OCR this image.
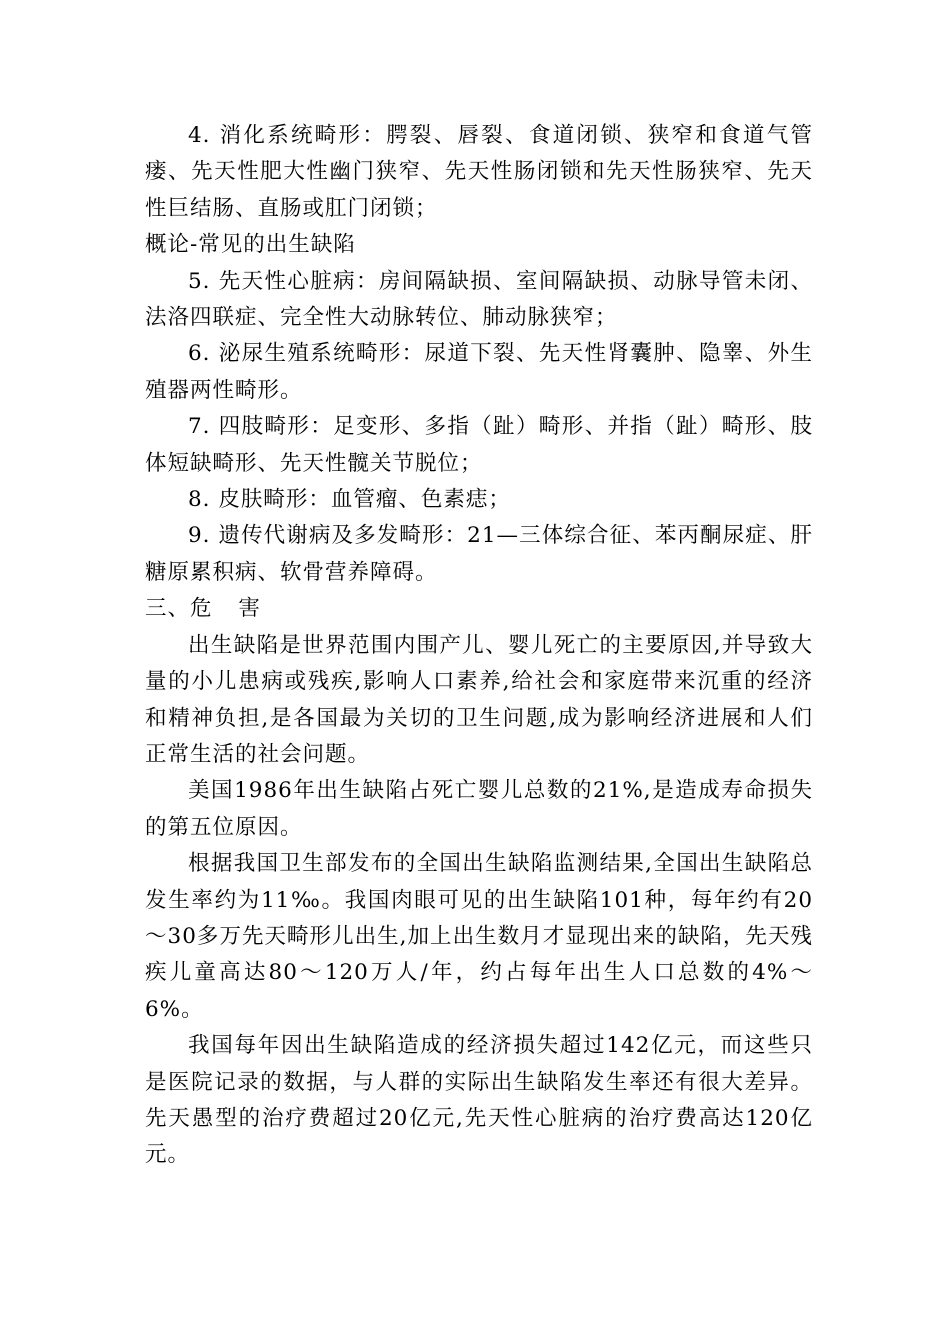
4. 消化系统畸形：腭裂、唇裂、食道闭锁、狭窄和食道气管瘘、先天性肥大性幽门狭窄、先天性肠闭锁和先天性肠狭窄、先天性巨结肠、直肠或肛门闭锁；

概论-常见的出生缺陷

5. 先天性心脏病：房间隔缺损、室间隔缺损、动脉导管未闭、法洛四联症、完全性大动脉转位、肺动脉狭窄；

6. 泌尿生殖系统畸形：尿道下裂、先天性肾囊肿、隐睾、外生殖器两性畸形。

7. 四肢畸形：足变形、多指（趾）畸形、并指（趾）畸形、肢体短缺畸形、先天性髋关节脱位；

8. 皮肤畸形：血管瘤、色素痣；

9. 遗传代谢病及多发畸形：21—三体综合征、苯丙酮尿症、肝糖原累积病、软骨营养障碍。

三、危 害

出生缺陷是世界范围内围产儿、婴儿死亡的主要原因,并导致大量的小儿患病或残疾,影响人口素养,给社会和家庭带来沉重的经济和精神负担,是各国最为关切的卫生问题,成为影响经济进展和人们正常生活的社会问题。

美国1986年出生缺陷占死亡婴儿总数的21%,是造成寿命损失的第五位原因。

根据我国卫生部发布的全国出生缺陷监测结果,全国出生缺陷总发生率约为11‰。我国肉眼可见的出生缺陷101种，每年约有20～30多万先天畸形儿出生,加上出生数月才显现出来的缺陷，先天残疾儿童高达80～120万人/年，约占每年出生人口总数的4%～6%。

我国每年因出生缺陷造成的经济损失超过142亿元，而这些只是医院记录的数据，与人群的实际出生缺陷发生率还有很大差异。先天愚型的治疗费超过20亿元,先天性心脏病的治疗费高达120亿元。
